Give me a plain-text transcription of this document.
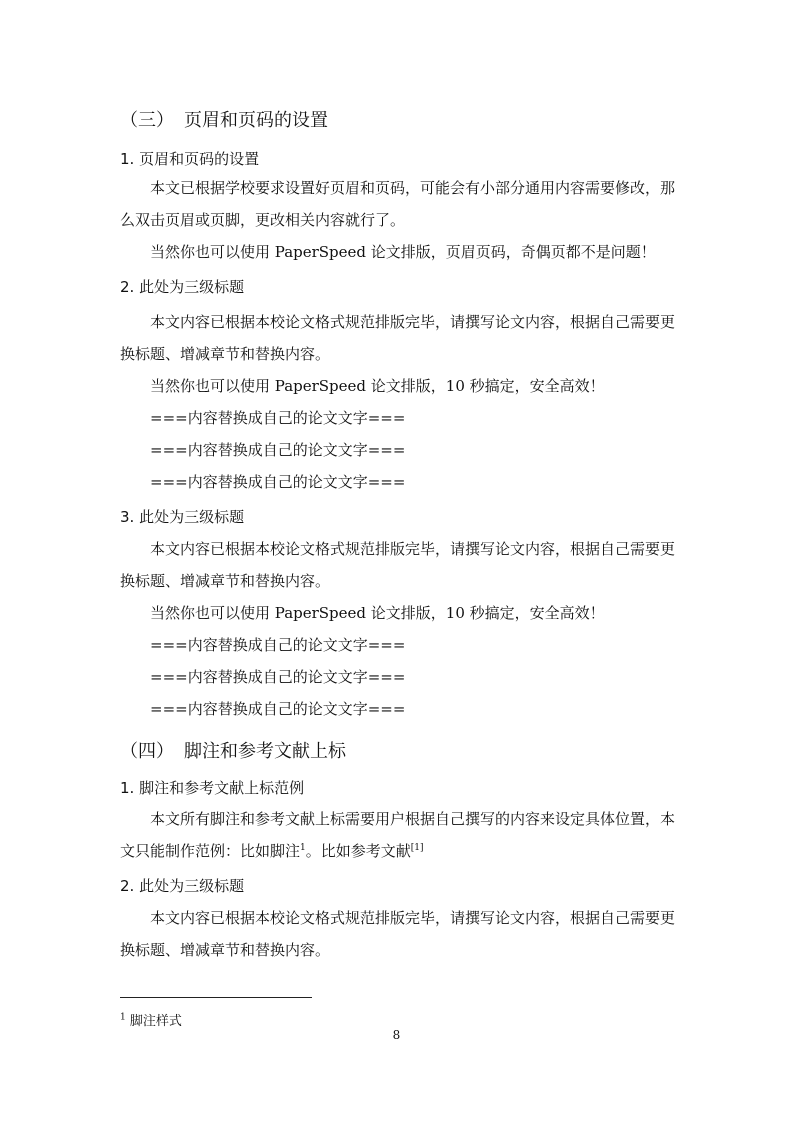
（三） 页眉和页码的设置
1. 页眉和页码的设置
本文已根据学校要求设置好页眉和页码，可能会有小部分通用内容需要修改，那么双击页眉或页脚，更改相关内容就行了。
当然你也可以使用 PaperSpeed 论文排版，页眉页码，奇偶页都不是问题！
2. 此处为三级标题
本文内容已根据本校论文格式规范排版完毕，请撰写论文内容，根据自己需要更换标题、增减章节和替换内容。
当然你也可以使用 PaperSpeed 论文排版，10 秒搞定，安全高效！
===内容替换成自己的论文文字===
===内容替换成自己的论文文字===
===内容替换成自己的论文文字===
3. 此处为三级标题
本文内容已根据本校论文格式规范排版完毕，请撰写论文内容，根据自己需要更换标题、增减章节和替换内容。
当然你也可以使用 PaperSpeed 论文排版，10 秒搞定，安全高效！
===内容替换成自己的论文文字===
===内容替换成自己的论文文字===
===内容替换成自己的论文文字===
（四） 脚注和参考文献上标
1. 脚注和参考文献上标范例
本文所有脚注和参考文献上标需要用户根据自己撰写的内容来设定具体位置，本文只能制作范例：比如脚注$^1$。比如参考文献[1]
2. 此处为三级标题
本文内容已根据本校论文格式规范排版完毕，请撰写论文内容，根据自己需要更换标题、增减章节和替换内容。
$^1$ 脚注样式
8
